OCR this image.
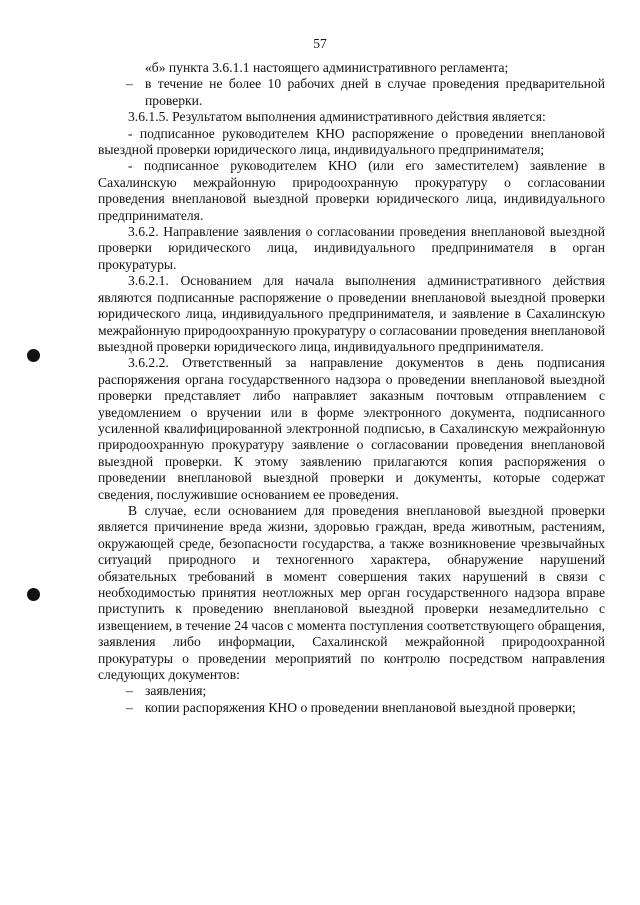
57

«б» пункта 3.6.1.1 настоящего административного регламента;

– в течение не более 10 рабочих дней в случае проведения предварительной проверки.

3.6.1.5. Результатом выполнения административного действия является:

- подписанное руководителем КНО распоряжение о проведении внеплановой выездной проверки юридического лица, индивидуального предпринимателя;

- подписанное руководителем КНО (или его заместителем) заявление в Сахалинскую межрайонную природоохранную прокуратуру о согласовании проведения внеплановой выездной проверки юридического лица, индивидуального предпринимателя.

3.6.2. Направление заявления о согласовании проведения внеплановой выездной проверки юридического лица, индивидуального предпринимателя в орган прокуратуры.

3.6.2.1. Основанием для начала выполнения административного действия являются подписанные распоряжение о проведении внеплановой выездной проверки юридического лица, индивидуального предпринимателя, и заявление в Сахалинскую межрайонную природоохранную прокуратуру о согласовании проведения внеплановой выездной проверки юридического лица, индивидуального предпринимателя.

3.6.2.2. Ответственный за направление документов в день подписания распоряжения органа государственного надзора о проведении внеплановой выездной проверки представляет либо направляет заказным почтовым отправлением с уведомлением о вручении или в форме электронного документа, подписанного усиленной квалифицированной электронной подписью, в Сахалинскую межрайонную природоохранную прокуратуру заявление о согласовании проведения внеплановой выездной проверки. К этому заявлению прилагаются копия распоряжения о проведении внеплановой выездной проверки и документы, которые содержат сведения, послужившие основанием ее проведения.

В случае, если основанием для проведения внеплановой выездной проверки является причинение вреда жизни, здоровью граждан, вреда животным, растениям, окружающей среде, безопасности государства, а также возникновение чрезвычайных ситуаций природного и техногенного характера, обнаружение нарушений обязательных требований в момент совершения таких нарушений в связи с необходимостью принятия неотложных мер орган государственного надзора вправе приступить к проведению внеплановой выездной проверки незамедлительно с извещением, в течение 24 часов с момента поступления соответствующего обращения, заявления либо информации, Сахалинской межрайонной природоохранной прокуратуры о проведении мероприятий по контролю посредством направления следующих документов:

– заявления;
– копии распоряжения КНО о проведении внеплановой выездной проверки;
